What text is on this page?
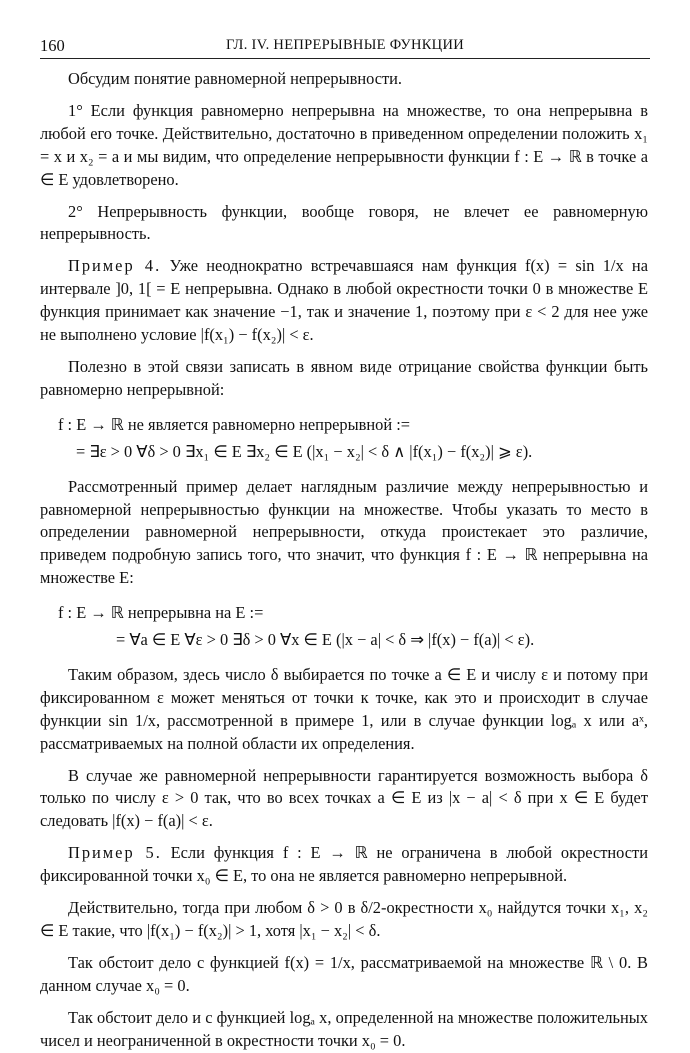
160	ГЛ. IV. НЕПРЕРЫВНЫЕ ФУНКЦИИ

Обсудим понятие равномерной непрерывности.

1° Если функция равномерно непрерывна на множестве, то она непрерывна в любой его точке. Действительно, достаточно в приведенном определении положить x₁ = x и x₂ = a и мы видим, что определение непрерывности функции f : E → ℝ в точке a ∈ E удовлетворено.

2° Непрерывность функции, вообще говоря, не влечет ее равномерную непрерывность.

Пример 4. Уже неоднократно встречавшаяся нам функция f(x) = sin 1/x на интервале ]0, 1[ = E непрерывна. Однако в любой окрестности точки 0 в множестве E функция принимает как значение −1, так и значение 1, поэтому при ε < 2 для нее уже не выполнено условие |f(x₁) − f(x₂)| < ε.

Полезно в этой связи записать в явном виде отрицание свойства функции быть равномерно непрерывной:

f : E → ℝ не является равномерно непрерывной :=
= ∃ε > 0 ∀δ > 0 ∃x₁ ∈ E ∃x₂ ∈ E (|x₁ − x₂| < δ ∧ |f(x₁) − f(x₂)| ⩾ ε).

Рассмотренный пример делает наглядным различие между непрерывностью и равномерной непрерывностью функции на множестве. Чтобы указать то место в определении равномерной непрерывности, откуда проистекает это различие, приведем подробную запись того, что значит, что функция f : E → ℝ непрерывна на множестве E:

f : E → ℝ непрерывна на E :=
= ∀a ∈ E ∀ε > 0 ∃δ > 0 ∀x ∈ E (|x − a| < δ ⇒ |f(x) − f(a)| < ε).

Таким образом, здесь число δ выбирается по точке a ∈ E и числу ε и потому при фиксированном ε может меняться от точки к точке, как это и происходит в случае функции sin 1/x, рассмотренной в примере 1, или в случае функции logₐ x или aˣ, рассматриваемых на полной области их определения.

В случае же равномерной непрерывности гарантируется возможность выбора δ только по числу ε > 0 так, что во всех точках a ∈ E из |x − a| < δ при x ∈ E будет следовать |f(x) − f(a)| < ε.

Пример 5. Если функция f : E → ℝ не ограничена в любой окрестности фиксированной точки x₀ ∈ E, то она не является равномерно непрерывной.

Действительно, тогда при любом δ > 0 в δ/2-окрестности x₀ найдутся точки x₁, x₂ ∈ E такие, что |f(x₁) − f(x₂)| > 1, хотя |x₁ − x₂| < δ.

Так обстоит дело с функцией f(x) = 1/x, рассматриваемой на множестве ℝ \ 0. В данном случае x₀ = 0.

Так обстоит дело и с функцией logₐ x, определенной на множестве положительных чисел и неограниченной в окрестности точки x₀ = 0.
